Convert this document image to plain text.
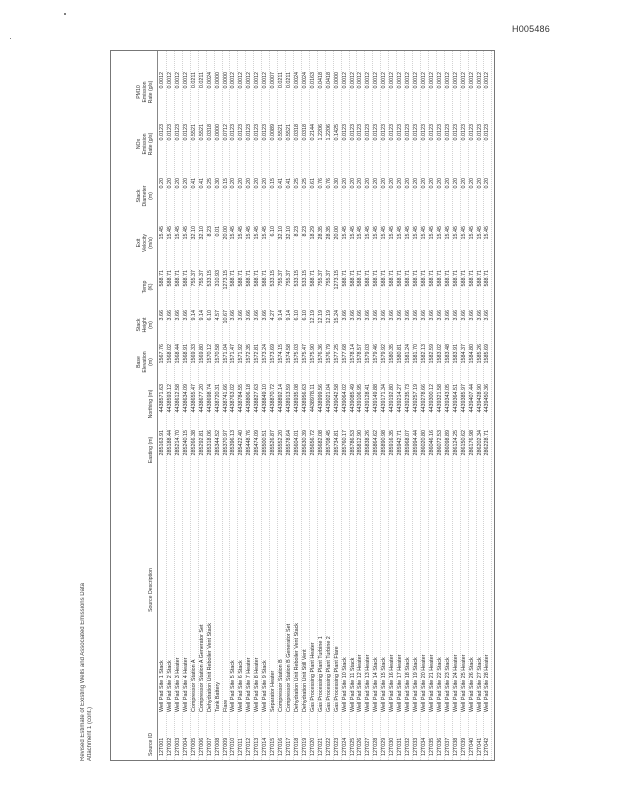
H005486
Revised Estimate of Existing Wells and Associated Emissions Data Attachment 1 (cont.)	Source ID
Source Description
Easting (m)
Northing (m)
Base
Elevation
(m)
Stack
Height
(m)
Temp
(K)
Exit
Velocity
(m/s)
Stack
Diameter
(m)
NOx
Emission
Rate (g/s)
PM10
Emission
Rate (g/s)
12T001
Well Pad Site 1 Stack
285163.91
4438571.63
1567.76
3.66
588.71
15.45
0.20
0.0123
0.0012
12T002
Well Pad Site 2 Stack
285188.44
4438593.12
1568.02
3.66
588.71
15.45
0.20
0.0123
0.0012
12T003
Well Pad Site 3 Heater
285214.70
4438612.58
1568.44
3.66
588.71
15.45
0.20
0.0123
0.0012
12T004
Well Pad Site 4 Heater
285240.15
4438634.09
1568.91
3.66
588.71
15.45
0.20
0.0123
0.0012
12T005
Compressor Station A
285266.38
4438655.47
1569.33
9.14
755.37
32.10
0.41
0.5521
0.0211
12T006
Compressor Station A Generator Set
285292.81
4438677.20
1569.80
9.14
755.37
32.10
0.41
0.5521
0.0211
12T007
Dehydration Unit Reboiler Vent Stack
285318.06
4438698.74
1570.12
6.10
533.15
8.23
0.25
0.0318
0.0024
12T008
Tank Battery
285344.52
4438720.31
1570.58
4.57
310.93
0.01
0.30
0.0000
0.0000
12T009
Flare
285370.97
4438741.66
1571.04
10.67
1273.15
20.00
0.15
0.0712
0.0000
12T010
Well Pad Site 5 Stack
285396.13
4438763.02
1571.47
3.66
588.71
15.45
0.20
0.0123
0.0012
12T011
Well Pad Site 6 Stack
285422.40
4438784.55
1571.92
3.66
588.71
15.45
0.20
0.0123
0.0012
12T012
Well Pad Site 7 Heater
285448.76
4438806.18
1572.35
3.66
588.71
15.45
0.20
0.0123
0.0012
12T013
Well Pad Site 8 Heater
285474.09
4438827.63
1572.81
3.66
588.71
15.45
0.20
0.0123
0.0012
12T014
Well Pad Site 9 Stack
285500.51
4438849.10
1573.24
3.66
588.71
15.45
0.20
0.0123
0.0012
12T015
Separator Heater
285526.87
4438870.72
1573.69
4.27
533.15
6.10
0.15
0.0089
0.0007
12T016
Compressor Station B
285552.20
4438892.14
1574.15
9.14
755.37
32.10
0.41
0.5521
0.0211
12T017
Compressor Station B Generator Set
285578.64
4438913.59
1574.58
9.14
755.37
32.10
0.41
0.5521
0.0211
12T018
Dehydration Unit Reboiler Vent Stack
285604.01
4438935.08
1575.03
6.10
533.15
8.23
0.25
0.0318
0.0024
12T019
Dehydration Unit Still Vent
285630.39
4438956.63
1575.47
6.10
533.15
8.23
0.25
0.0318
0.0024
12T020
Gas Processing Plant Heater
285656.72
4438978.11
1575.90
12.19
588.71
18.29
0.61
0.2144
0.0163
12T021
Gas Processing Plant Turbine 1
285682.08
4438999.56
1576.36
12.19
755.37
28.35
0.76
1.2206
0.0418
12T022
Gas Processing Plant Turbine 2
285708.45
4439021.04
1576.79
12.19
755.37
28.35
0.76
1.2206
0.0418
12T023
Gas Processing Plant Flare
285734.81
4439042.58
1577.25
15.24
1273.15
20.00
0.30
0.1425
0.0000
12T024
Well Pad Site 10 Stack
285760.17
4439064.02
1577.68
3.66
588.71
15.45
0.20
0.0123
0.0012
12T025
Well Pad Site 11 Stack
285786.53
4439085.49
1578.14
3.66
588.71
15.45
0.20
0.0123
0.0012
12T026
Well Pad Site 12 Heater
285812.90
4439106.95
1578.57
3.66
588.71
15.45
0.20
0.0123
0.0012
12T027
Well Pad Site 13 Heater
285838.26
4439128.41
1579.03
3.66
588.71
15.45
0.20
0.0123
0.0012
12T028
Well Pad Site 14 Stack
285864.62
4439149.88
1579.46
3.66
588.71
15.45
0.20
0.0123
0.0012
12T029
Well Pad Site 15 Stack
285890.98
4439171.34
1579.92
3.66
588.71
15.45
0.20
0.0123
0.0012
12T030
Well Pad Site 16 Heater
285916.35
4439192.80
1580.35
3.66
588.71
15.45
0.20
0.0123
0.0012
12T031
Well Pad Site 17 Heater
285942.71
4439214.27
1580.81
3.66
588.71
15.45
0.20
0.0123
0.0012
12T032
Well Pad Site 18 Stack
285968.07
4439235.73
1581.24
3.66
588.71
15.45
0.20
0.0123
0.0012
12T033
Well Pad Site 19 Stack
285994.44
4439257.19
1581.70
3.66
588.71
15.45
0.20
0.0123
0.0012
12T034
Well Pad Site 20 Heater
286020.80
4439278.66
1582.13
3.66
588.71
15.45
0.20
0.0123
0.0012
12T035
Well Pad Site 21 Heater
286046.16
4439300.12
1582.59
3.66
588.71
15.45
0.20
0.0123
0.0012
12T036
Well Pad Site 22 Stack
286072.53
4439321.58
1583.02
3.66
588.71
15.45
0.20
0.0123
0.0012
12T037
Well Pad Site 23 Stack
286098.89
4439343.05
1583.48
3.66
588.71
15.45
0.20
0.0123
0.0012
12T038
Well Pad Site 24 Heater
286124.25
4439364.51
1583.91
3.66
588.71
15.45
0.20
0.0123
0.0012
12T039
Well Pad Site 25 Heater
286150.62
4439385.97
1584.37
3.66
588.71
15.45
0.20
0.0123
0.0012
12T040
Well Pad Site 26 Stack
286176.98
4439407.44
1584.80
3.66
588.71
15.45
0.20
0.0123
0.0012
12T041
Well Pad Site 27 Stack
286202.34
4439428.90
1585.26
3.66
588.71
15.45
0.20
0.0123
0.0012
12T042
Well Pad Site 28 Heater
286228.71
4439450.36
1585.69
3.66
588.71
15.45
0.20
0.0123
0.0012
